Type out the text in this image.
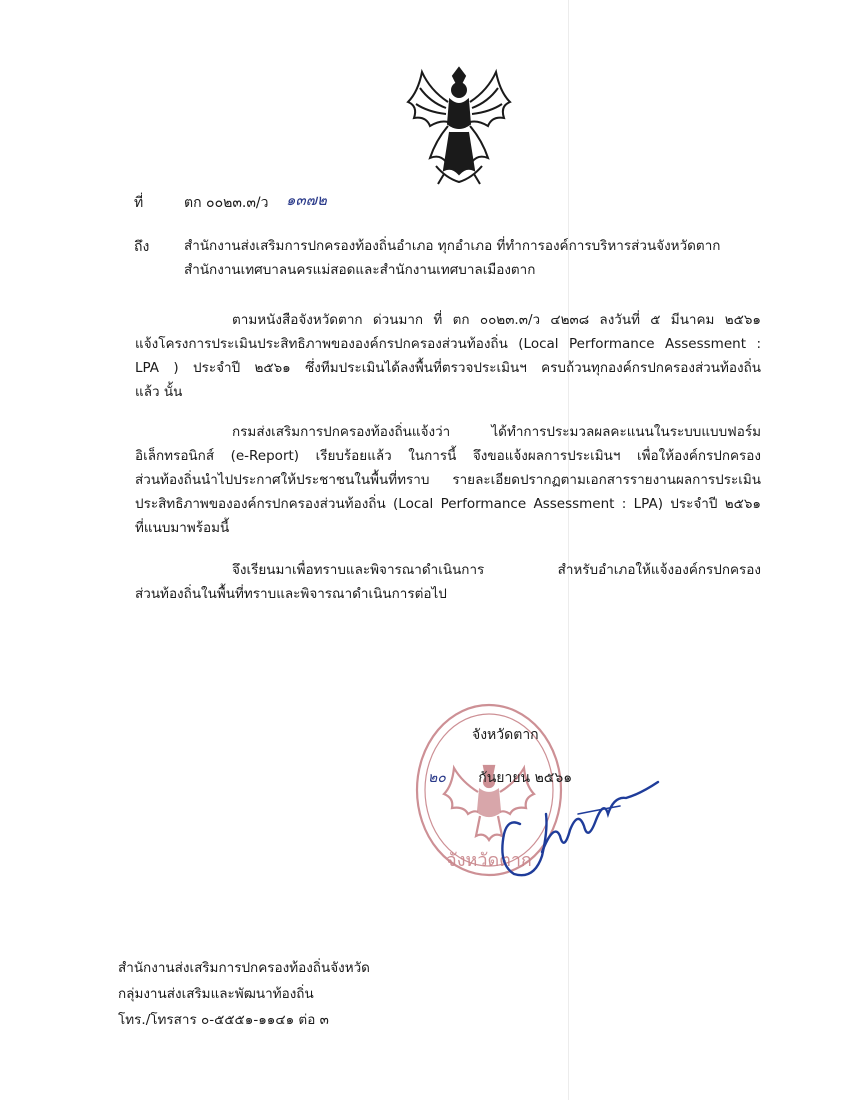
ที่	ตก ๐๐๒๓.๓/ว ๑๓๗๒
ถึง	สำนักงานส่งเสริมการปกครองท้องถิ่นอำเภอ ทุกอำเภอ ที่ทำการองค์การบริหารส่วนจังหวัดตาก
สำนักงานเทศบาลนครแม่สอดและสำนักงานเทศบาลเมืองตาก
ตามหนังสือจังหวัดตาก ด่วนมาก ที่ ตก ๐๐๒๓.๓/ว ๔๒๓๘ ลงวันที่ ๕ มีนาคม ๒๕๖๑
แจ้งโครงการประเมินประสิทธิภาพขององค์กรปกครองส่วนท้องถิ่น (Local Performance Assessment :
LPA ) ประจำปี ๒๕๖๑ ซึ่งทีมประเมินได้ลงพื้นที่ตรวจประเมินฯ ครบถ้วนทุกองค์กรปกครองส่วนท้องถิ่น
แล้ว นั้น
กรมส่งเสริมการปกครองท้องถิ่นแจ้งว่า ได้ทำการประมวลผลคะแนนในระบบแบบฟอร์ม
อิเล็กทรอนิกส์ (e-Report) เรียบร้อยแล้ว ในการนี้ จึงขอแจ้งผลการประเมินฯ เพื่อให้องค์กรปกครอง
ส่วนท้องถิ่นนำไปประกาศให้ประชาชนในพื้นที่ทราบ รายละเอียดปรากฏตามเอกสารรายงานผลการประเมิน
ประสิทธิภาพขององค์กรปกครองส่วนท้องถิ่น (Local Performance Assessment : LPA) ประจำปี ๒๕๖๑
ที่แนบมาพร้อมนี้
จึงเรียนมาเพื่อทราบและพิจารณาดำเนินการ สำหรับอำเภอให้แจ้งองค์กรปกครอง
ส่วนท้องถิ่นในพื้นที่ทราบและพิจารณาดำเนินการต่อไป
จังหวัดตาก
จังหวัดตาก
๒๐ กันยายน ๒๕๖๑
สำนักงานส่งเสริมการปกครองท้องถิ่นจังหวัด
กลุ่มงานส่งเสริมและพัฒนาท้องถิ่น
โทร./โทรสาร ๐-๕๕๕๑-๑๑๔๑ ต่อ ๓
